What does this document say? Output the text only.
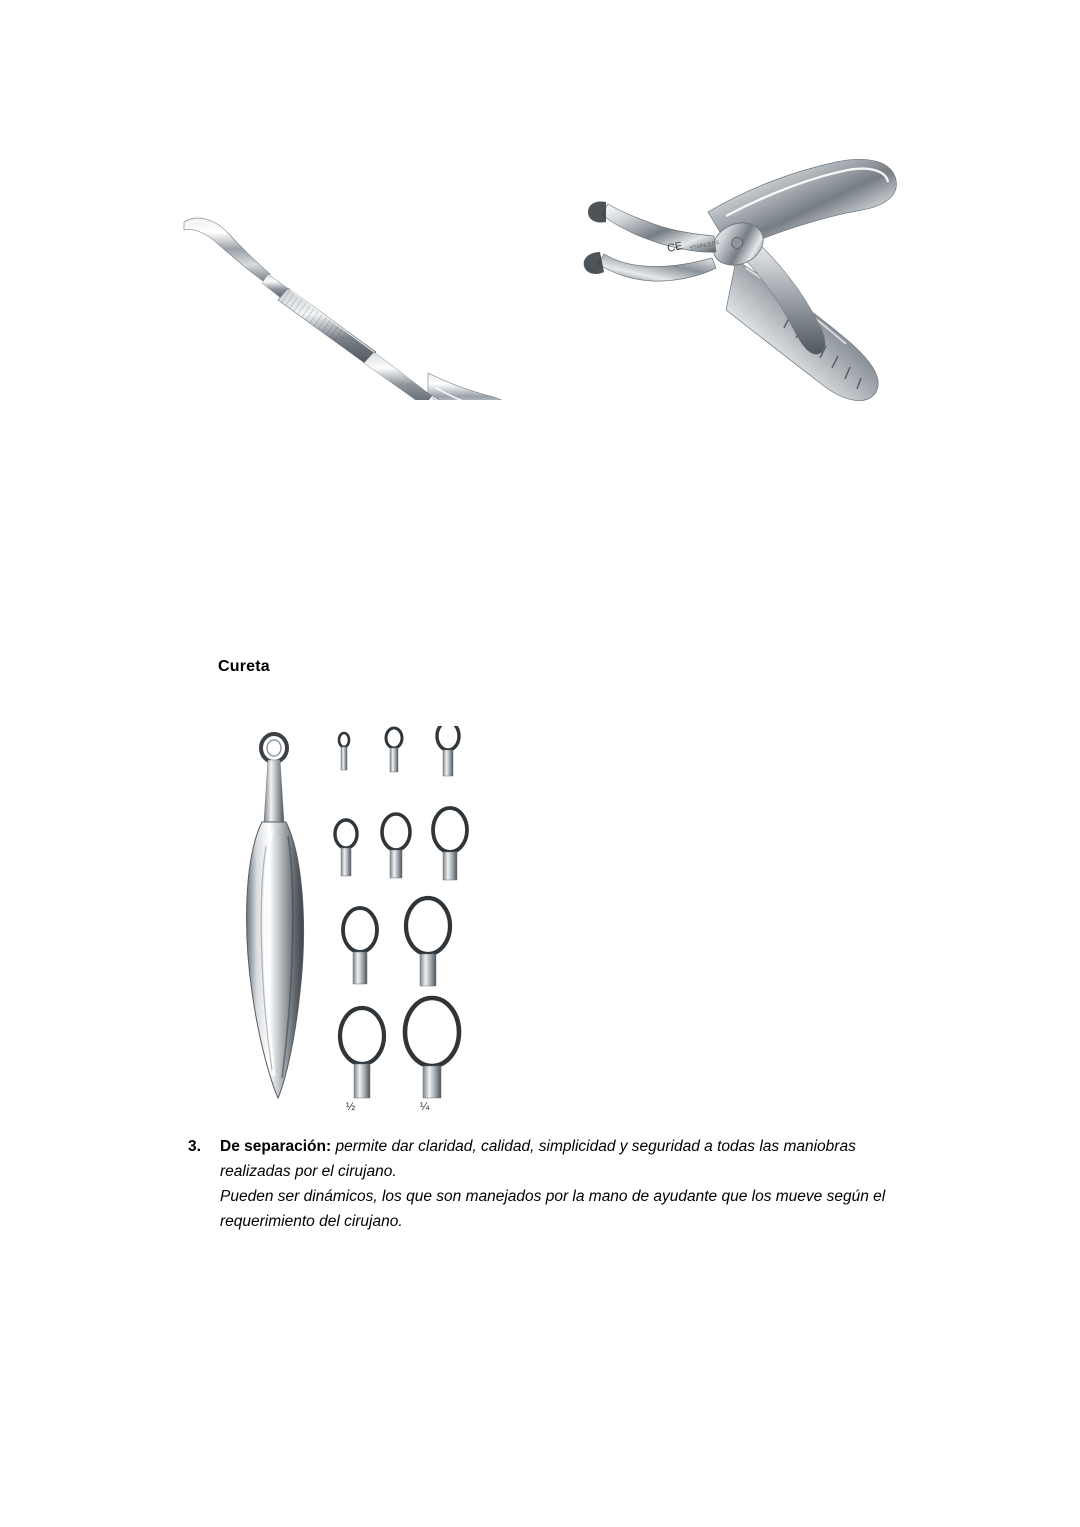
CE STAINLESS
Cureta
½	¼
3.	De separación: permite dar claridad, calidad, simplicidad y seguridad a todas las maniobras realizadas por el cirujano.
Pueden ser dinámicos, los que son manejados por la mano de ayudante que los mueve según el requerimiento del cirujano.
